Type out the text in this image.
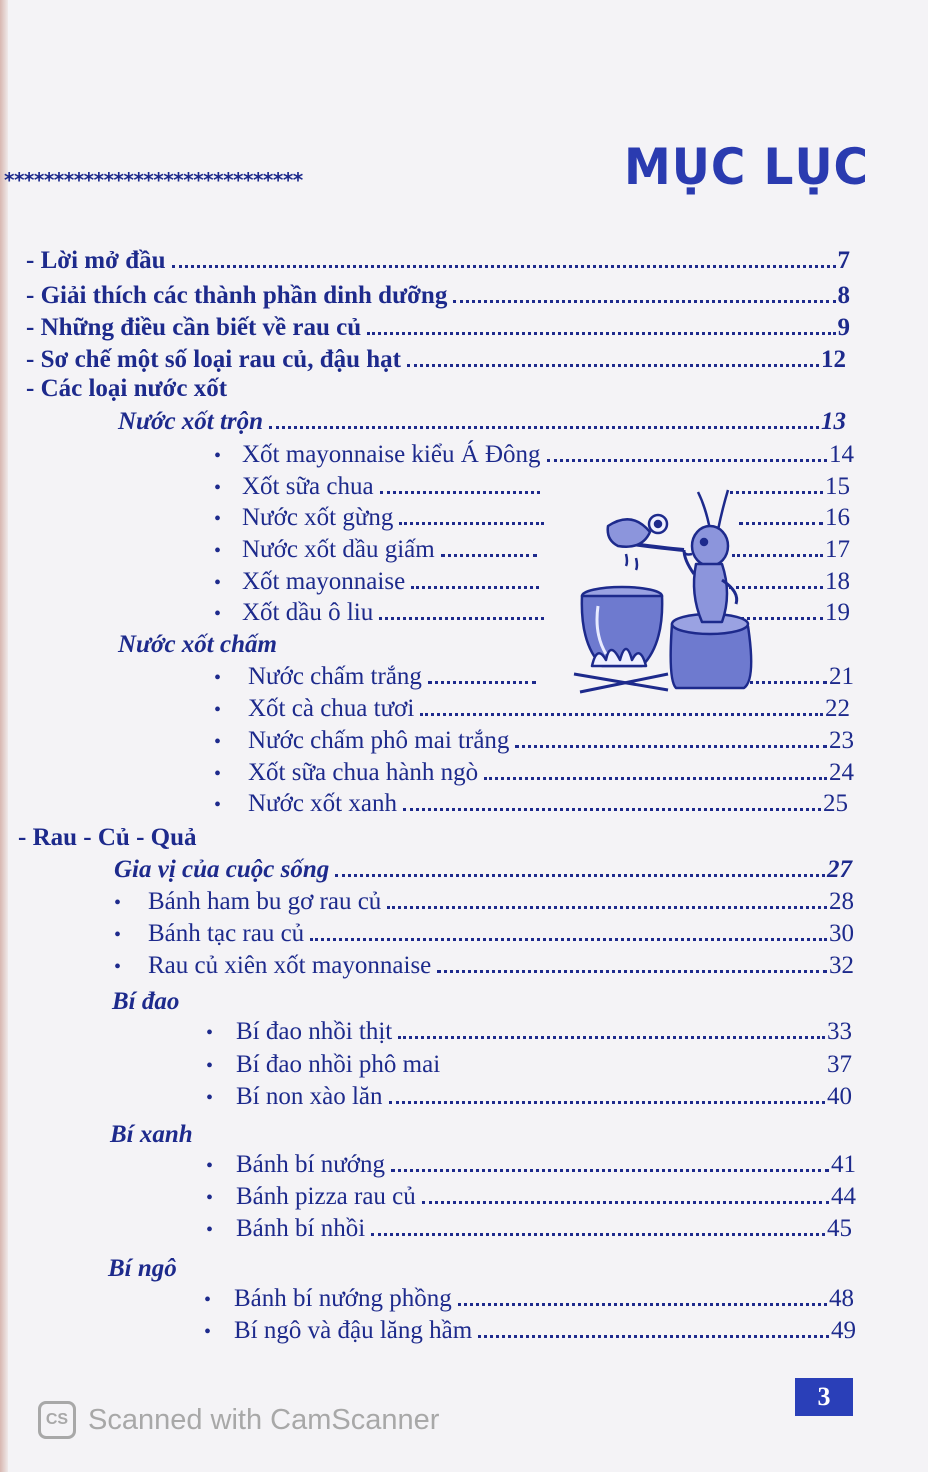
******************************	MỤC LỤC
- Lời mở đầu	7
- Giải thích các thành phần dinh dưỡng	8
- Những điều cần biết về rau củ	9
- Sơ chế một số loại rau củ, đậu hạt	12
- Các loại nước xốt
Nước xốt trộn	13
• Xốt mayonnaise kiểu Á Đông	14
• Xốt sữa chua	15
• Nước xốt gừng	16
• Nước xốt dầu giấm	17
• Xốt mayonnaise	18
• Xốt dầu ô liu	19
Nước xốt chấm
•	Nước chấm trắng	21
•	Xốt cà chua tươi	22
•	Nước chấm phô mai trắng	23
•	Xốt sữa chua hành ngò	24
•	Nước xốt xanh	25
- Rau - Củ - Quả
Gia vị của cuộc sống	27
•	Bánh ham bu gơ rau củ	28
•	Bánh tạc rau củ	30
•	Rau củ xiên xốt mayonnaise	32
Bí đao
• Bí đao nhồi thịt	33
• Bí đao nhồi phô mai	37
• Bí non xào lăn	40
Bí xanh
• Bánh bí nướng	41
• Bánh pizza rau củ	44
• Bánh bí nhồi	45
Bí ngô
• Bánh bí nướng phồng	48
• Bí ngô và đậu lăng hầm	49
3
CS Scanned with CamScanner
